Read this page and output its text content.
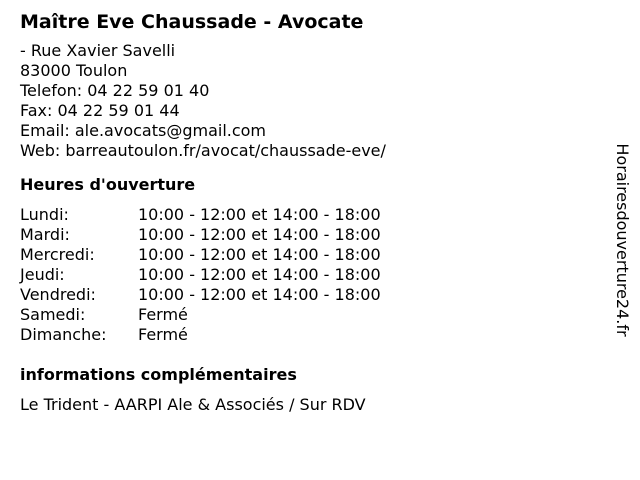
Maître Eve Chaussade - Avocate
- Rue Xavier Savelli
83000 Toulon
Telefon: 04 22 59 01 40
Fax: 04 22 59 01 44
Email: ale.avocats@gmail.com
Web: barreautoulon.fr/avocat/chaussade-eve/
Heures d'ouverture
Lundi:	10:00 - 12:00 et 14:00 - 18:00
Mardi:	10:00 - 12:00 et 14:00 - 18:00
Mercredi:	10:00 - 12:00 et 14:00 - 18:00
Jeudi:	10:00 - 12:00 et 14:00 - 18:00
Vendredi:	10:00 - 12:00 et 14:00 - 18:00
Samedi:	Fermé
Dimanche:	Fermé
informations complémentaires
Le Trident - AARPI Ale & Associés / Sur RDV
Horairesdouverture24.fr
